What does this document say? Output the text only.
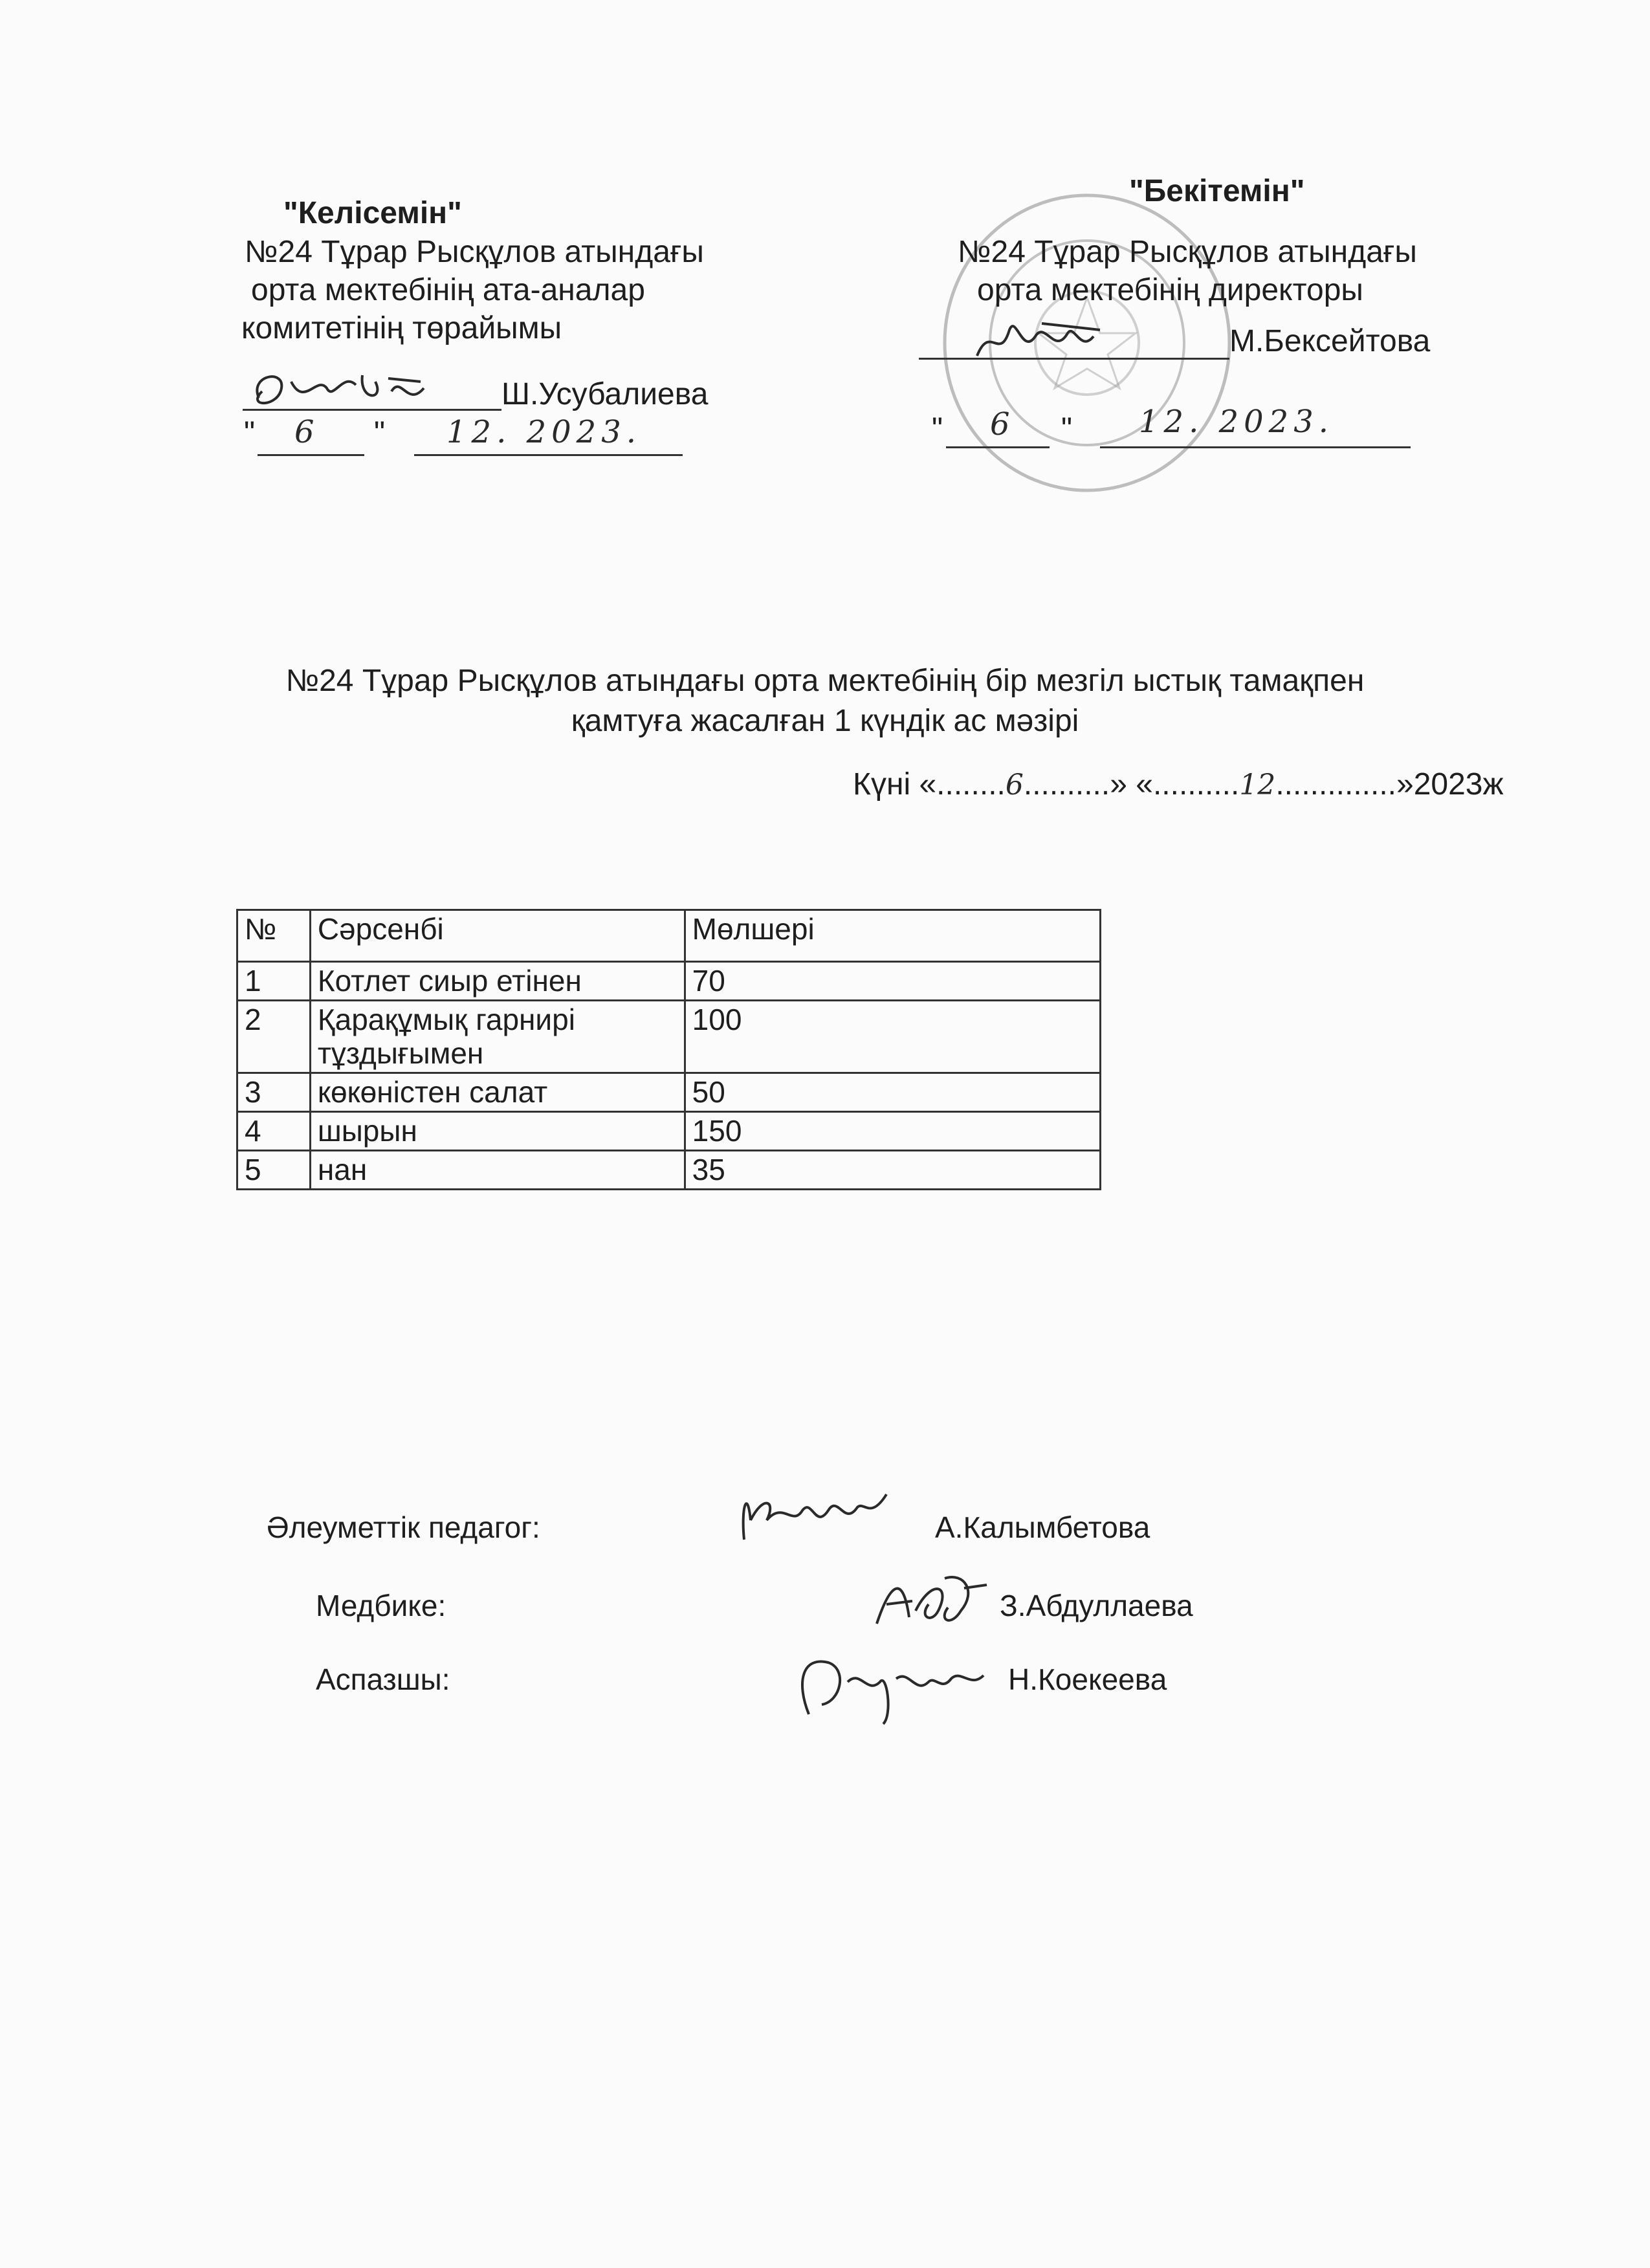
"Келісемін"
№24 Тұрар Рысқұлов атындағы
орта мектебінің ата-аналар
комитетінің төрайымы
Ш.Усубалиева
" 6 " 12. 2023.
"Бекітемін"
№24 Тұрар Рысқұлов атындағы
орта мектебінің директоры
М.Бексейтова
" 6 " 12. 2023.
№24 Тұрар Рысқұлов атындағы орта мектебінің бір мезгіл ыстық тамақпен
қамтуға жасалған 1 күндік ас мәзірі
Күні «........6..........» «..........12..............»2023ж
№	Сәрсенбі	Мөлшері
1	Котлет сиыр етінен	70
2	Қарақұмық гарнирі тұздығымен	100
3	көкөністен салат	50
4	шырын	150
5	нан	35
Әлеуметтік педагог:	А.Калымбетова
Медбике:	З.Абдуллаева
Аспазшы:	Н.Коекеева
